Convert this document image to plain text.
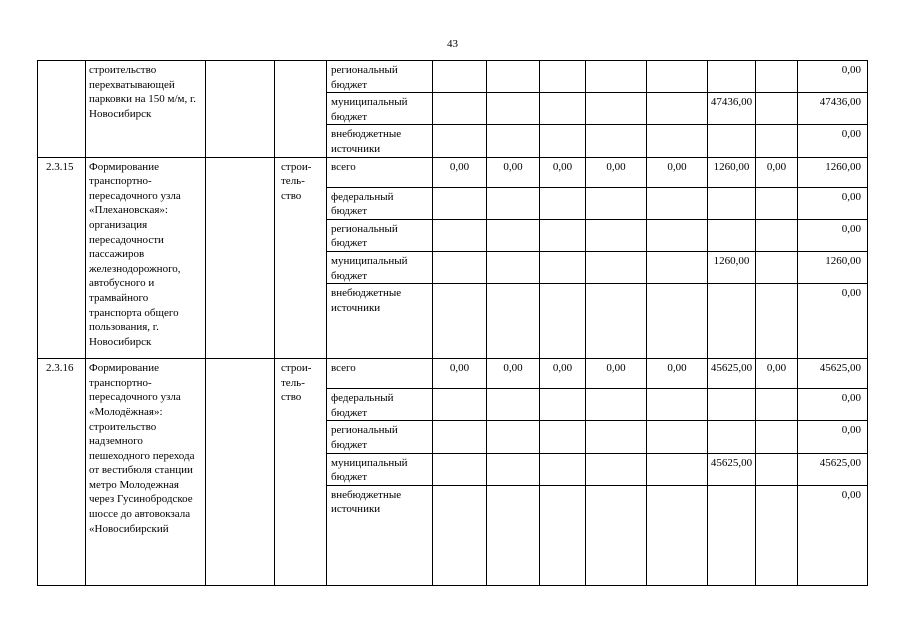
43
	строительство перехватывающей парковки на 150 м/м, г. Новосибирск			региональный бюджет								0,00
				муниципальный бюджет						47436,00		47436,00
				внебюджетные источники								0,00
2.3.15	Формирование транспортно-пересадочного узла «Плехановская»: организация пересадочности пассажиров железнодорожного, автобусного и трамвайного транспорта общего пользования, г. Новосибирск		строи-тель-ство	всего	0,00	0,00	0,00	0,00	0,00	1260,00	0,00	1260,00
				федеральный бюджет								0,00
				региональный бюджет								0,00
				муниципальный бюджет						1260,00		1260,00
				внебюджетные источники								0,00
2.3.16	Формирование транспортно-пересадочного узла «Молодёжная»: строительство надземного пешеходного перехода от вестибюля станции метро Молодежная через Гусинобродское шоссе до автовокзала «Новосибирский		строи-тель-ство	всего	0,00	0,00	0,00	0,00	0,00	45625,00	0,00	45625,00
				федеральный бюджет								0,00
				региональный бюджет								0,00
				муниципальный бюджет						45625,00		45625,00
				внебюджетные источники								0,00
